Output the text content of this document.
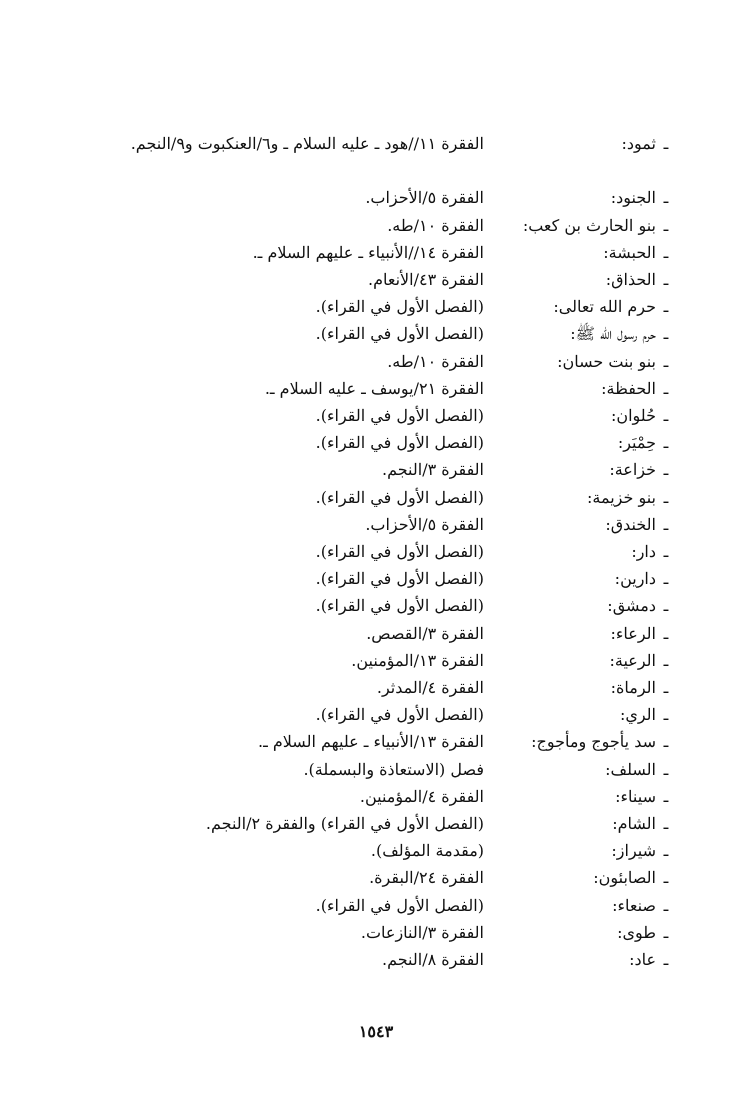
ـ
ثمود:
الفقرة ١١//هود ـ عليه السلام ـ و٦/العنكبوت و٩/النجم.
ـ
الجنود:
الفقرة ٥/الأحزاب.
ـ
بنو الحارث بن كعب:
الفقرة ١٠/طه.
ـ
الحبشة:
الفقرة ١٤//الأنبياء ـ عليهم السلام ـ.
ـ
الحذاق:
الفقرة ٤٣/الأنعام.
ـ
حرم الله تعالى:
(الفصل الأول في القراء).
ـ
حرم رسول الله ﷺ:
(الفصل الأول في القراء).
ـ
بنو بنت حسان:
الفقرة ١٠/طه.
ـ
الحفظة:
الفقرة ٢١/يوسف ـ عليه السلام ـ.
ـ
حُلوان:
(الفصل الأول في القراء).
ـ
حِمْيَر:
(الفصل الأول في القراء).
ـ
خزاعة:
الفقرة ٣/النجم.
ـ
بنو خزيمة:
(الفصل الأول في القراء).
ـ
الخندق:
الفقرة ٥/الأحزاب.
ـ
دار:
(الفصل الأول في القراء).
ـ
دارين:
(الفصل الأول في القراء).
ـ
دمشق:
(الفصل الأول في القراء).
ـ
الرعاء:
الفقرة ٣/القصص.
ـ
الرعية:
الفقرة ١٣/المؤمنين.
ـ
الرماة:
الفقرة ٤/المدثر.
ـ
الري:
(الفصل الأول في القراء).
ـ
سد يأجوج ومأجوج:
الفقرة ١٣/الأنبياء ـ عليهم السلام ـ.
ـ
السلف:
فصل (الاستعاذة والبسملة).
ـ
سيناء:
الفقرة ٤/المؤمنين.
ـ
الشام:
(الفصل الأول في القراء) والفقرة ٢/النجم.
ـ
شيراز:
(مقدمة المؤلف).
ـ
الصابئون:
الفقرة ٢٤/البقرة.
ـ
صنعاء:
(الفصل الأول في القراء).
ـ
طوى:
الفقرة ٣/النازعات.
ـ
عاد:
الفقرة ٨/النجم.
١٥٤٣
